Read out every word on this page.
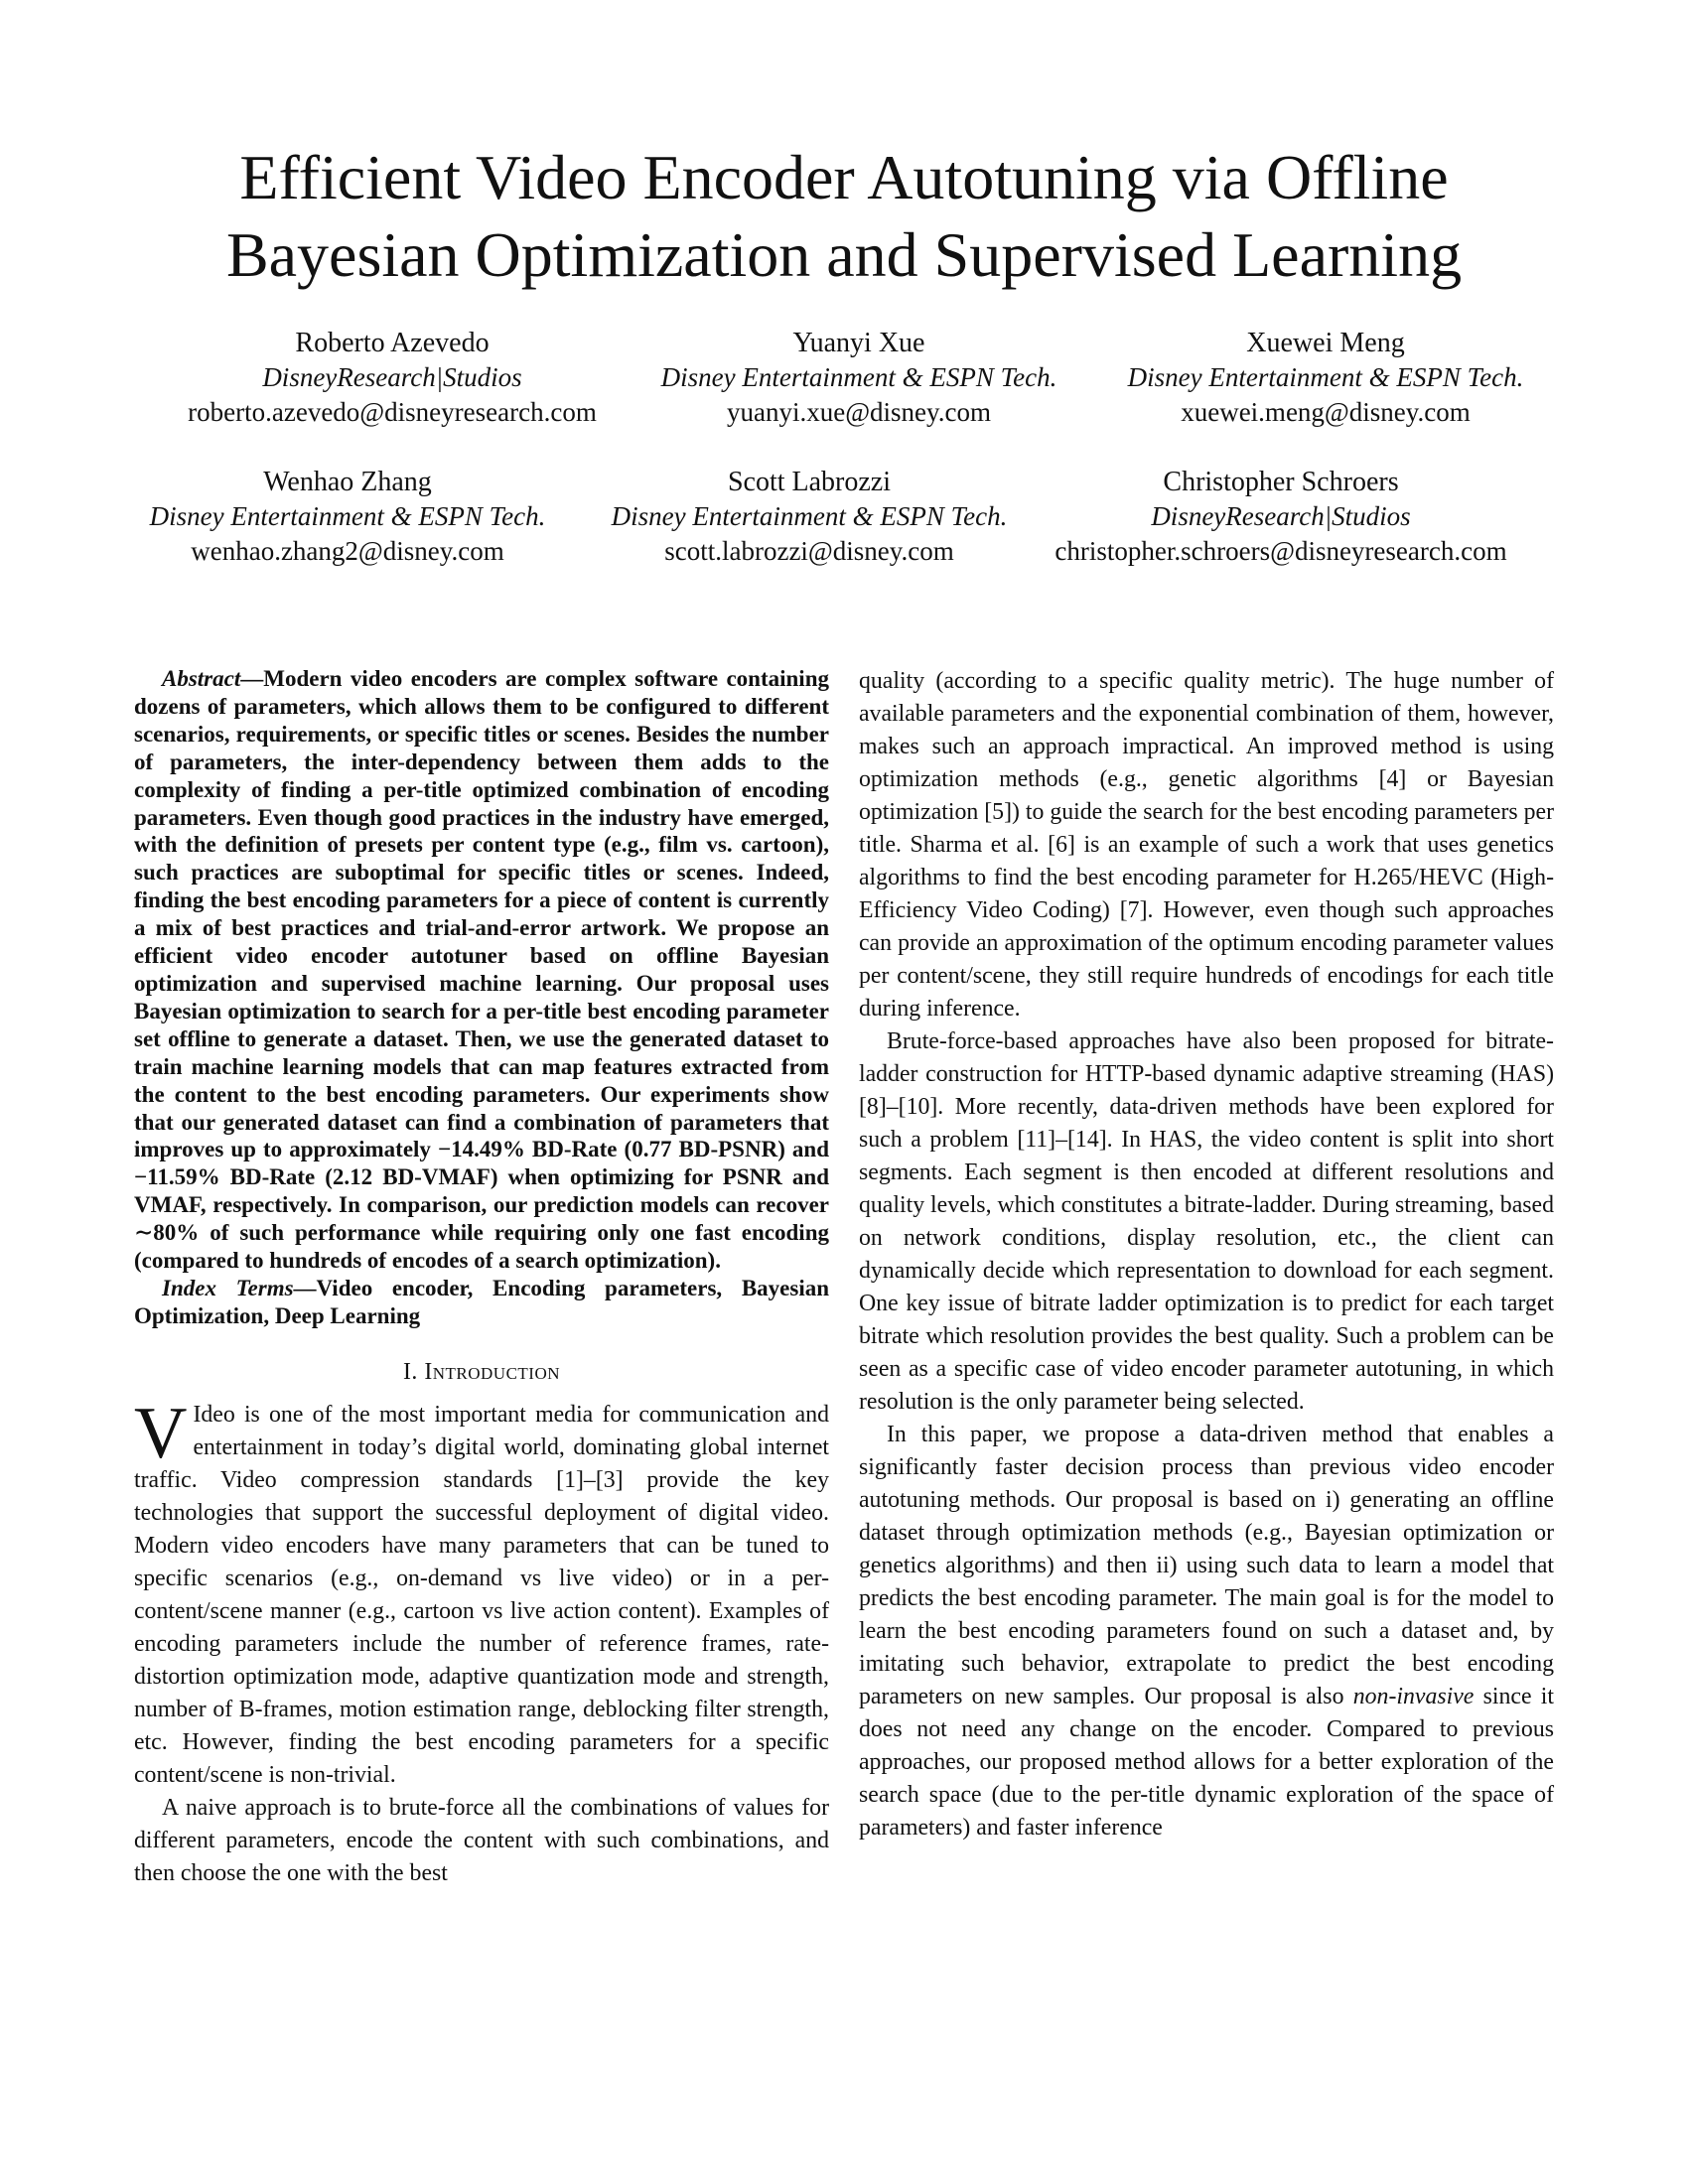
Efficient Video Encoder Autotuning via Offline
Bayesian Optimization and Supervised Learning
Roberto Azevedo
DisneyResearch|Studios
roberto.azevedo@disneyresearch.com
Yuanyi Xue
Disney Entertainment & ESPN Tech.
yuanyi.xue@disney.com
Xuewei Meng
Disney Entertainment & ESPN Tech.
xuewei.meng@disney.com
Wenhao Zhang
Disney Entertainment & ESPN Tech.
wenhao.zhang2@disney.com
Scott Labrozzi
Disney Entertainment & ESPN Tech.
scott.labrozzi@disney.com
Christopher Schroers
DisneyResearch|Studios
christopher.schroers@disneyresearch.com

Abstract—Modern video encoders are complex software containing dozens of parameters, which allows them to be configured to different scenarios, requirements, or specific titles or scenes. Besides the number of parameters, the inter-dependency between them adds to the complexity of finding a per-title optimized combination of encoding parameters. Even though good practices in the industry have emerged, with the definition of presets per content type (e.g., film vs. cartoon), such practices are suboptimal for specific titles or scenes. Indeed, finding the best encoding parameters for a piece of content is currently a mix of best practices and trial-and-error artwork. We propose an efficient video encoder autotuner based on offline Bayesian optimization and supervised machine learning. Our proposal uses Bayesian optimization to search for a per-title best encoding parameter set offline to generate a dataset. Then, we use the generated dataset to train machine learning models that can map features extracted from the content to the best encoding parameters. Our experiments show that our generated dataset can find a combination of parameters that improves up to approximately −14.49% BD-Rate (0.77 BD-PSNR) and −11.59% BD-Rate (2.12 BD-VMAF) when optimizing for PSNR and VMAF, respectively. In comparison, our prediction models can recover ∼80% of such performance while requiring only one fast encoding (compared to hundreds of encodes of a search optimization).

Index Terms—Video encoder, Encoding parameters, Bayesian Optimization, Deep Learning

I. Introduction

V Ideo is one of the most important media for communication and entertainment in today’s digital world, dominating global internet traffic. Video compression standards [1]–[3] provide the key technologies that support the successful deployment of digital video. Modern video encoders have many parameters that can be tuned to specific scenarios (e.g., on-demand vs live video) or in a per-content/scene manner (e.g., cartoon vs live action content). Examples of encoding parameters include the number of reference frames, rate-distortion optimization mode, adaptive quantization mode and strength, number of B-frames, motion estimation range, deblocking filter strength, etc. However, finding the best encoding parameters for a specific content/scene is non-trivial.

A naive approach is to brute-force all the combinations of values for different parameters, encode the content with such combinations, and then choose the one with the best

quality (according to a specific quality metric). The huge number of available parameters and the exponential combination of them, however, makes such an approach impractical. An improved method is using optimization methods (e.g., genetic algorithms [4] or Bayesian optimization [5]) to guide the search for the best encoding parameters per title. Sharma et al. [6] is an example of such a work that uses genetics algorithms to find the best encoding parameter for H.265/HEVC (High-Efficiency Video Coding) [7]. However, even though such approaches can provide an approximation of the optimum encoding parameter values per content/scene, they still require hundreds of encodings for each title during inference.

Brute-force-based approaches have also been proposed for bitrate-ladder construction for HTTP-based dynamic adaptive streaming (HAS) [8]–[10]. More recently, data-driven methods have been explored for such a problem [11]–[14]. In HAS, the video content is split into short segments. Each segment is then encoded at different resolutions and quality levels, which constitutes a bitrate-ladder. During streaming, based on network conditions, display resolution, etc., the client can dynamically decide which representation to download for each segment. One key issue of bitrate ladder optimization is to predict for each target bitrate which resolution provides the best quality. Such a problem can be seen as a specific case of video encoder parameter autotuning, in which resolution is the only parameter being selected.

In this paper, we propose a data-driven method that enables a significantly faster decision process than previous video encoder autotuning methods. Our proposal is based on i) generating an offline dataset through optimization methods (e.g., Bayesian optimization or genetics algorithms) and then ii) using such data to learn a model that predicts the best encoding parameter. The main goal is for the model to learn the best encoding parameters found on such a dataset and, by imitating such behavior, extrapolate to predict the best encoding parameters on new samples. Our proposal is also non-invasive since it does not need any change on the encoder. Compared to previous approaches, our proposed method allows for a better exploration of the search space (due to the per-title dynamic exploration of the space of parameters) and faster inference
